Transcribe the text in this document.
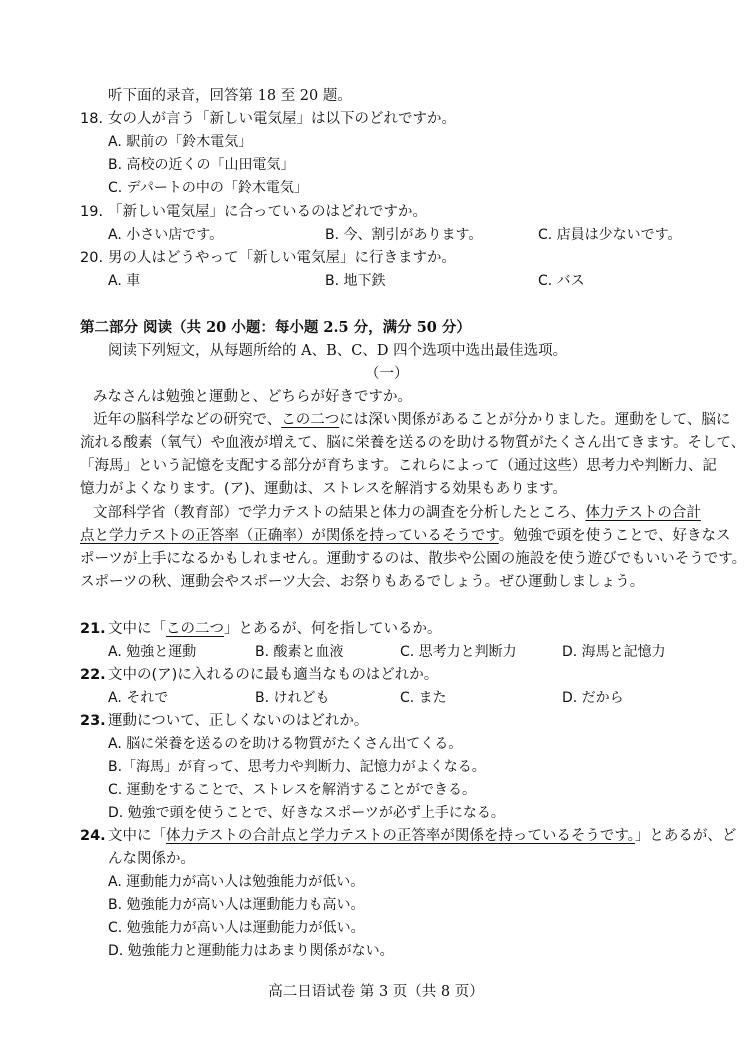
听下面的录音，回答第 18 至 20 题。
18. 女の人が言う「新しい電気屋」は以下のどれですか。
A. 駅前の「鈴木電気」
B. 高校の近くの「山田電気」
C. デパートの中の「鈴木電気」
19. 「新しい電気屋」に合っているのはどれですか。
A. 小さい店です。	B. 今、割引があります。	C. 店員は少ないです。
20. 男の人はどうやって「新しい電気屋」に行きますか。
A. 車	B. 地下鉄	C. バス
第二部分 阅读（共 20 小题：每小题 2.5 分，满分 50 分）
阅读下列短文，从每题所给的 A、B、C、D 四个选项中选出最佳选项。
（一）
みなさんは勉強と運動と、どちらが好きですか。
近年の脳科学などの研究で、この二つには深い関係があることが分かりました。運動をして、脳に
流れる酸素（氧气）や血液が増えて、脳に栄養を送るのを助ける物質がたくさん出てきます。そして、
「海馬」という記憶を支配する部分が育ちます。これらによって（通过这些）思考力や判断力、記
憶力がよくなります。(ア)、運動は、ストレスを解消する効果もあります。
文部科学省（教育部）で学力テストの結果と体力の調査を分析したところ、体力テストの合計
点と学力テストの正答率（正确率）が関係を持っているそうです。勉強で頭を使うことで、好きなス
ポーツが上手になるかもしれません。運動するのは、散歩や公園の施設を使う遊びでもいいそうです。
スポーツの秋、運動会やスポーツ大会、お祭りもあるでしょう。ぜひ運動しましょう。
21. 文中に「この二つ」とあるが、何を指しているか。
A. 勉強と運動	B. 酸素と血液	C. 思考力と判断力	D. 海馬と記憶力
22. 文中の(ア)に入れるのに最も適当なものはどれか。
A. それで	B. けれども	C. また	D. だから
23. 運動について、正しくないのはどれか。
A. 脳に栄養を送るのを助ける物質がたくさん出てくる。
B.「海馬」が育って、思考力や判断力、記憶力がよくなる。
C. 運動をすることで、ストレスを解消することができる。
D. 勉強で頭を使うことで、好きなスポーツが必ず上手になる。
24. 文中に「体力テストの合計点と学力テストの正答率が関係を持っているそうです。」とあるが、ど
んな関係か。
A. 運動能力が高い人は勉強能力が低い。
B. 勉強能力が高い人は運動能力も高い。
C. 勉強能力が高い人は運動能力が低い。
D. 勉強能力と運動能力はあまり関係がない。
高二日语试卷 第 3 页（共 8 页）
